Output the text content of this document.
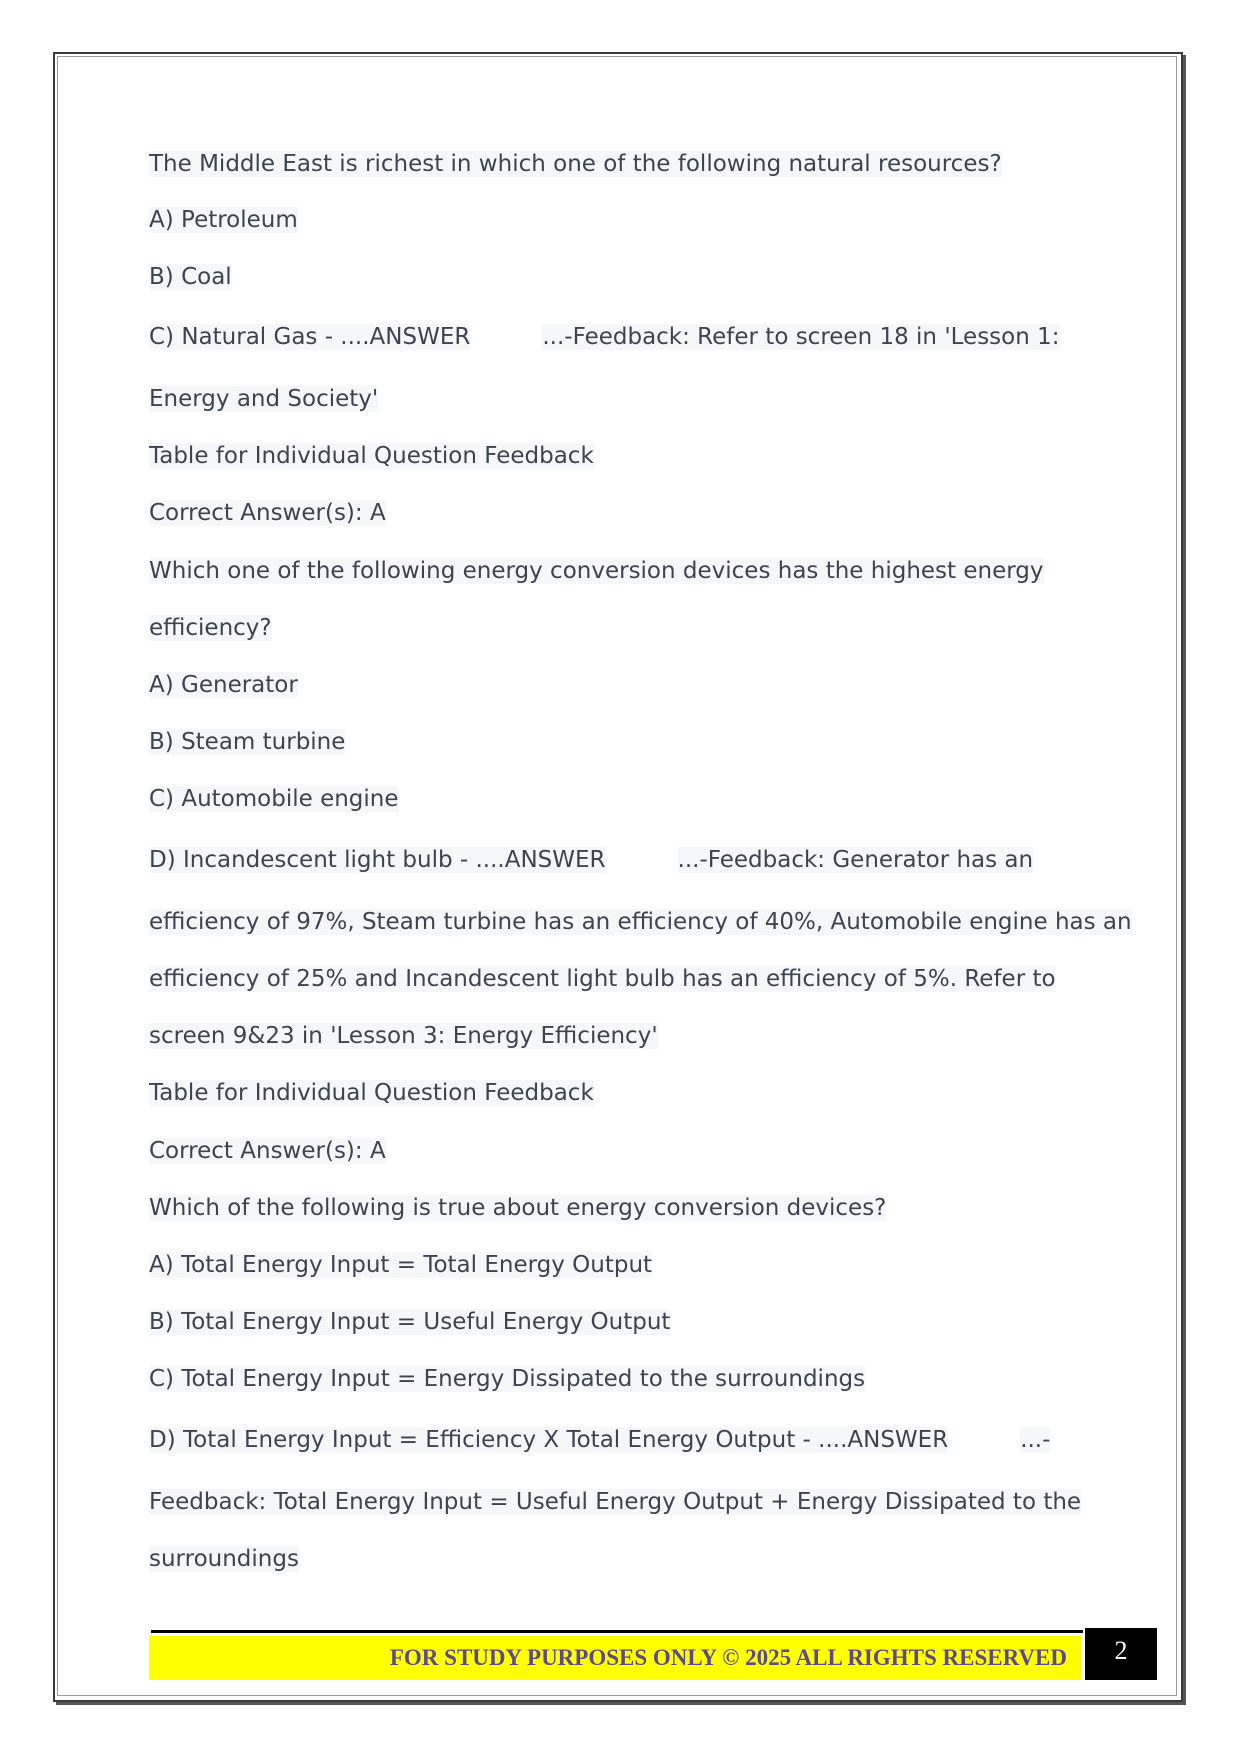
The Middle East is richest in which one of the following natural resources?
A) Petroleum
B) Coal
C) Natural Gas - ....ANSWER	...-Feedback: Refer to screen 18 in 'Lesson 1:
Energy and Society'
Table for Individual Question Feedback
Correct Answer(s): A
Which one of the following energy conversion devices has the highest energy
efficiency?
A) Generator
B) Steam turbine
C) Automobile engine
D) Incandescent light bulb - ....ANSWER	...-Feedback: Generator has an
efficiency of 97%, Steam turbine has an efficiency of 40%, Automobile engine has an
efficiency of 25% and Incandescent light bulb has an efficiency of 5%. Refer to
screen 9&23 in 'Lesson 3: Energy Efficiency'
Table for Individual Question Feedback
Correct Answer(s): A
Which of the following is true about energy conversion devices?
A) Total Energy Input = Total Energy Output
B) Total Energy Input = Useful Energy Output
C) Total Energy Input = Energy Dissipated to the surroundings
D) Total Energy Input = Efficiency X Total Energy Output - ....ANSWER	...-
Feedback: Total Energy Input = Useful Energy Output + Energy Dissipated to the
surroundings
FOR STUDY PURPOSES ONLY © 2025 ALL RIGHTS RESERVED	2
